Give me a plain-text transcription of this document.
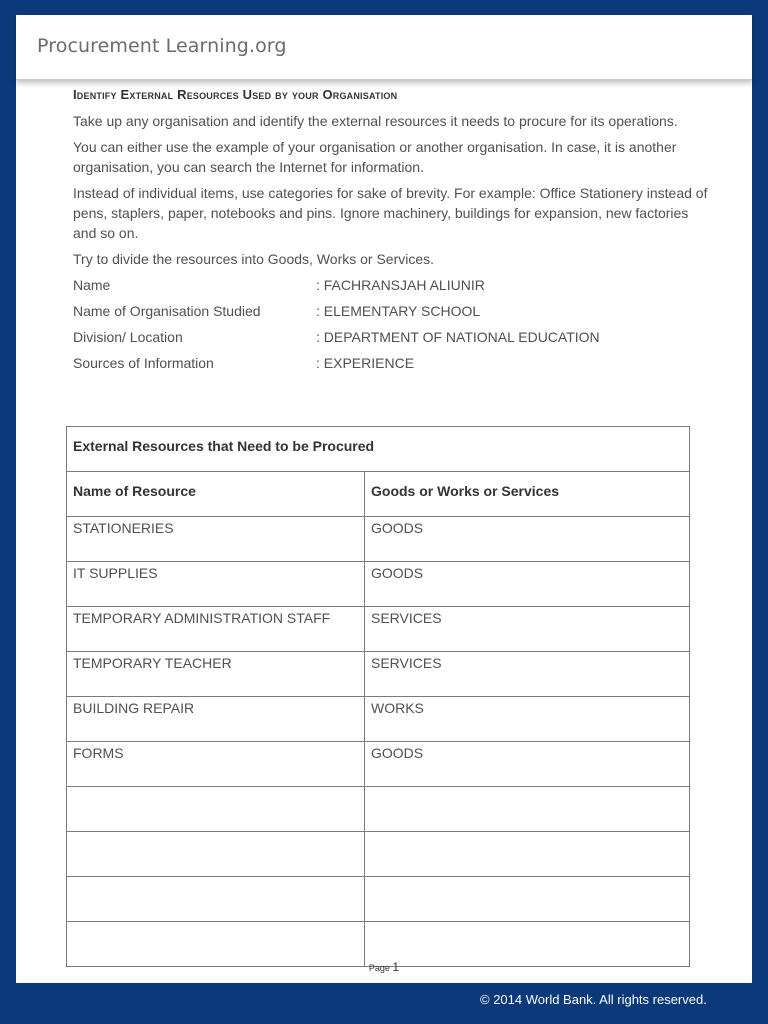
Procurement Learning.org
Identify External Resources Used by your Organisation

Take up any organisation and identify the external resources it needs to procure for its operations.

You can either use the example of your organisation or another organisation. In case, it is another organisation, you can search the Internet for information.

Instead of individual items, use categories for sake of brevity. For example: Office Stationery instead of pens, staplers, paper, notebooks and pins. Ignore machinery, buildings for expansion, new factories and so on.

Try to divide the resources into Goods, Works or Services.

Name	: FACHRANSJAH ALIUNIR
Name of Organisation Studied	: ELEMENTARY SCHOOL
Division/ Location	: DEPARTMENT OF NATIONAL EDUCATION
Sources of Information	: EXPERIENCE
External Resources that Need to be Procured	
Name of Resource	Goods or Works or Services
STATIONERIES	GOODS
IT SUPPLIES	GOODS
TEMPORARY ADMINISTRATION STAFF	SERVICES
TEMPORARY TEACHER	SERVICES
BUILDING REPAIR	WORKS
FORMS	GOODS

Page 1
© 2014 World Bank. All rights reserved.
